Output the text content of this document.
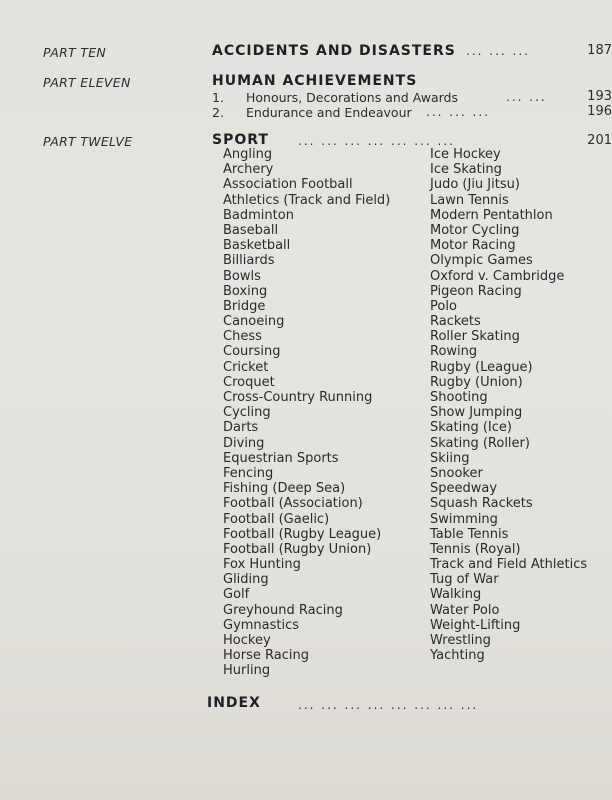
PART TEN	ACCIDENTS AND DISASTERS ... ... ...	187
PART ELEVEN	HUMAN ACHIEVEMENTS
1. Honours, Decorations and Awards	... ...	193
2. Endurance and Endeavour ... ... ...	196
PART TWELVE	SPORT ... ... ... ... ... ... ...	201
Angling
Archery
Association Football
Athletics (Track and Field)
Badminton
Baseball
Basketball
Billiards
Bowls
Boxing
Bridge
Canoeing
Chess
Coursing
Cricket
Croquet
Cross-Country Running
Cycling
Darts
Diving
Equestrian Sports
Fencing
Fishing (Deep Sea)
Football (Association)
Football (Gaelic)
Football (Rugby League)
Football (Rugby Union)
Fox Hunting
Gliding
Golf
Greyhound Racing
Gymnastics
Hockey
Horse Racing
Hurling
Ice Hockey
Ice Skating
Judo (Jiu Jitsu)
Lawn Tennis
Modern Pentathlon
Motor Cycling
Motor Racing
Olympic Games
Oxford v. Cambridge
Pigeon Racing
Polo
Rackets
Roller Skating
Rowing
Rugby (League)
Rugby (Union)
Shooting
Show Jumping
Skating (Ice)
Skating (Roller)
Skiing
Snooker
Speedway
Squash Rackets
Swimming
Table Tennis
Tennis (Royal)
Track and Field Athletics
Tug of War
Walking
Water Polo
Weight-Lifting
Wrestling
Yachting
INDEX	... ... ... ... ... ... ... ...
